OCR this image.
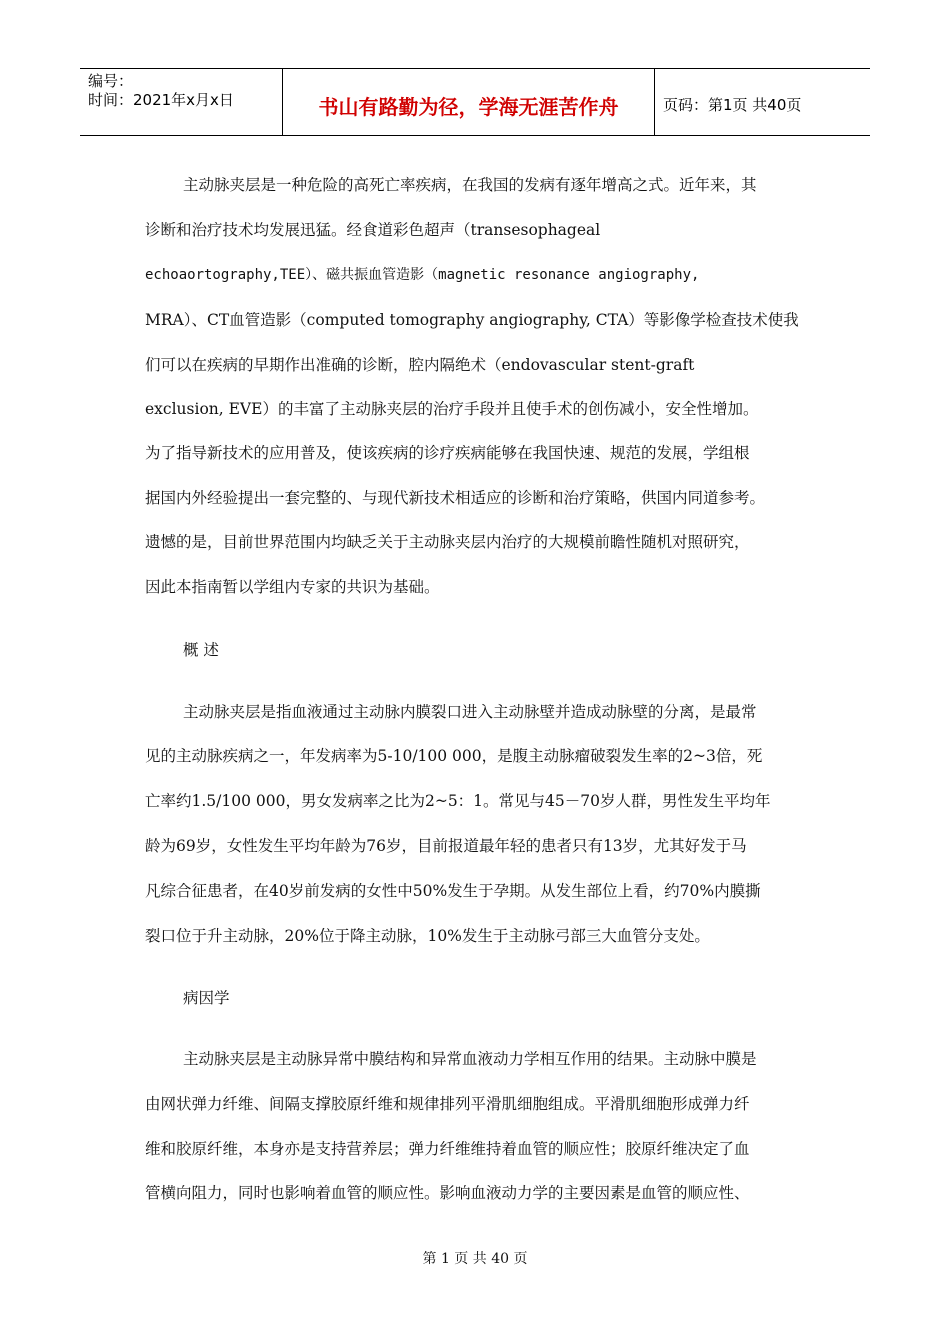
编号：
时间：2021年x月x日	书山有路勤为径，学海无涯苦作舟	页码：第1页 共40页
主动脉夹层是一种危险的高死亡率疾病，在我国的发病有逐年增高之式。近年来，其
诊断和治疗技术均发展迅猛。经食道彩色超声（transesophageal
echoaortography,TEE）、磁共振血管造影（magnetic resonance angiography,
MRA）、CT血管造影（computed tomography angiography, CTA）等影像学检查技术使我
们可以在疾病的早期作出准确的诊断，腔内隔绝术（endovascular stent-graft
exclusion, EVE）的丰富了主动脉夹层的治疗手段并且使手术的创伤减小，安全性增加。
为了指导新技术的应用普及，使该疾病的诊疗疾病能够在我国快速、规范的发展，学组根
据国内外经验提出一套完整的、与现代新技术相适应的诊断和治疗策略，供国内同道参考。
遗憾的是，目前世界范围内均缺乏关于主动脉夹层内治疗的大规模前瞻性随机对照研究，
因此本指南暂以学组内专家的共识为基础。
概 述
主动脉夹层是指血液通过主动脉内膜裂口进入主动脉壁并造成动脉壁的分离，是最常
见的主动脉疾病之一，年发病率为5-10/100 000，是腹主动脉瘤破裂发生率的2~3倍，死
亡率约1.5/100 000，男女发病率之比为2~5：1。常见与45－70岁人群，男性发生平均年
龄为69岁，女性发生平均年龄为76岁，目前报道最年轻的患者只有13岁，尤其好发于马
凡综合征患者，在40岁前发病的女性中50%发生于孕期。从发生部位上看，约70%内膜撕
裂口位于升主动脉，20%位于降主动脉，10%发生于主动脉弓部三大血管分支处。
病因学
主动脉夹层是主动脉异常中膜结构和异常血液动力学相互作用的结果。主动脉中膜是
由网状弹力纤维、间隔支撑胶原纤维和规律排列平滑肌细胞组成。平滑肌细胞形成弹力纤
维和胶原纤维，本身亦是支持营养层；弹力纤维维持着血管的顺应性；胶原纤维决定了血
管横向阻力，同时也影响着血管的顺应性。影响血液动力学的主要因素是血管的顺应性、
第 1 页 共 40 页
